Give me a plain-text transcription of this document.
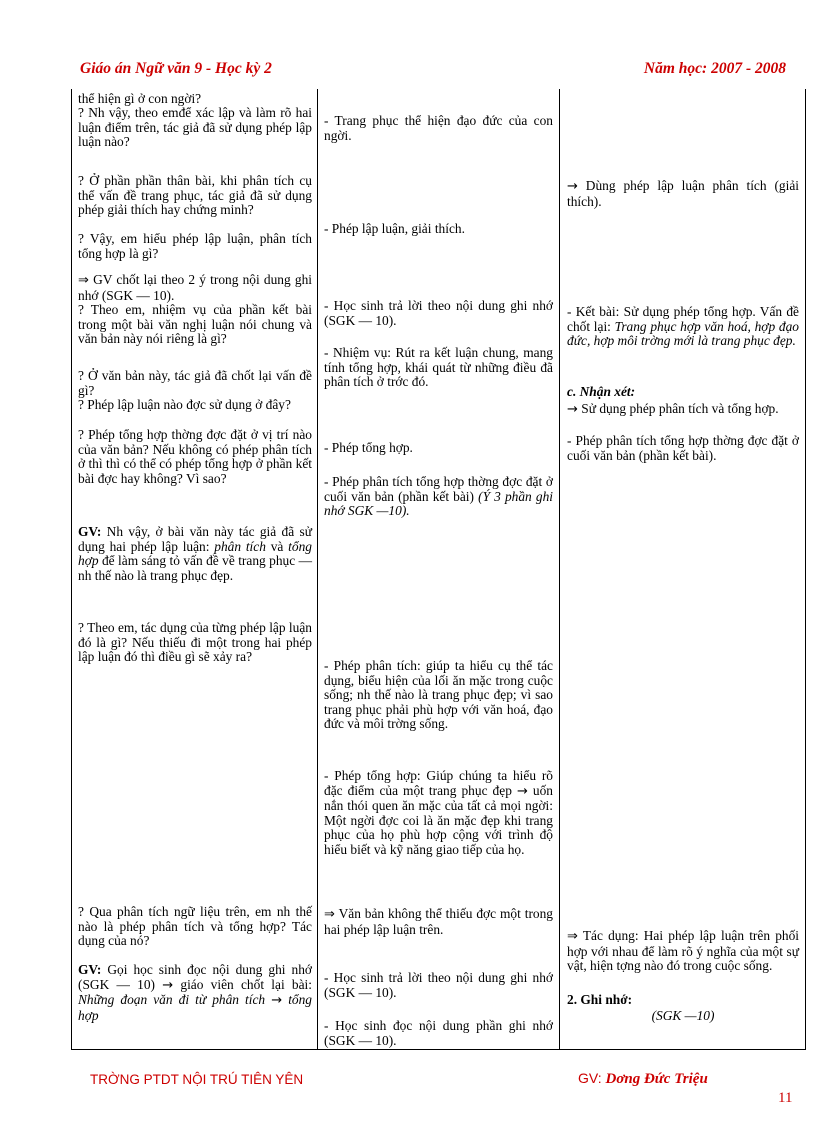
Giáo án Ngữ văn 9 - Học kỳ 2	Năm học: 2007 - 2008
thể hiện gì ở con ngời?
? Nh vậy, theo emđể xác lập và làm rõ hai luận điểm trên, tác giả đã sử dụng phép lập luận nào?
? Ở phần phần thân bài, khi phân tích cụ thể vấn đề trang phục, tác giả đã sử dụng phép giải thích hay chứng minh?
? Vậy, em hiểu phép lập luận, phân tích tổng hợp là gì?
⇒ GV chốt lại theo 2 ý trong nội dung ghi nhớ (SGK — 10).
? Theo em, nhiệm vụ của phần kết bài trong một bài văn nghị luận nói chung và văn bản này nói riêng là gì?
? Ở văn bản này, tác giả đã chốt lại vấn đề gì?
? Phép lập luận nào đợc sử dụng ở đây?
? Phép tổng hợp thờng đợc đặt ở vị trí nào của văn bản? Nếu không có phép phân tích ở thì thì có thể có phép tổng hợp ở phần kết bài đợc hay không? Vì sao?
GV: Nh vậy, ở bài văn này tác giả đã sử dụng hai phép lập luận: phân tích và tổng hợp để làm sáng tỏ vấn đề về trang phục — nh thế nào là trang phục đẹp.
? Theo em, tác dụng của từng phép lập luận đó là gì? Nếu thiếu đi một trong hai phép lập luận đó thì điều gì sẽ xảy ra?
? Qua phân tích ngữ liệu trên, em nh thế nào là phép phân tích và tổng hợp? Tác dụng của nó?
GV: Gọi học sinh đọc nội dung ghi nhớ (SGK — 10) → giáo viên chốt lại bài: Những đoạn văn đi từ phân tích → tổng hợp
- Trang phục thể hiện đạo đức của con ngời.
- Phép lập luận, giải thích.
- Học sinh trả lời theo nội dung ghi nhớ (SGK — 10).
- Nhiệm vụ: Rút ra kết luận chung, mang tính tổng hợp, khái quát từ những điều đã phân tích ở trớc đó.
- Phép tổng hợp.
- Phép phân tích tổng hợp thờng đợc đặt ở cuối văn bản (phần kết bài) (Ý 3 phần ghi nhớ SGK —10).
- Phép phân tích: giúp ta hiểu cụ thể tác dụng, biểu hiện của lối ăn mặc trong cuộc sống; nh thế nào là trang phục đẹp; vì sao trang phục phải phù hợp với văn hoá, đạo đức và môi trờng sống.
- Phép tổng hợp: Giúp chúng ta hiểu rõ đặc điểm của một trang phục đẹp → uốn nắn thói quen ăn mặc của tất cả mọi ngời: Một ngời đợc coi là ăn mặc đẹp khi trang phục của họ phù hợp cộng với trình độ hiểu biết và kỹ năng giao tiếp của họ.
⇒ Văn bản không thể thiếu đợc một trong hai phép lập luận trên.
- Học sinh trả lời theo nội dung ghi nhớ (SGK — 10).
- Học sinh đọc nội dung phần ghi nhớ (SGK — 10).
→ Dùng phép lập luận phân tích (giải thích).
- Kết bài: Sử dụng phép tổng hợp. Vấn đề chốt lại: Trang phục hợp văn hoá, hợp đạo đức, hợp môi trờng mới là trang phục đẹp.
c. Nhận xét:
→ Sử dụng phép phân tích và tổng hợp.
- Phép phân tích tổng hợp thờng đợc đặt ở cuối văn bản (phần kết bài).
⇒ Tác dụng: Hai phép lập luận trên phối hợp với nhau để làm rõ ý nghĩa của một sự vật, hiện tợng nào đó trong cuộc sống.
2. Ghi nhớ:
(SGK —10)
TRỜNG PTDT NỘI TRÚ TIÊN YÊN	GV: Dơng Đức Triệu
11
